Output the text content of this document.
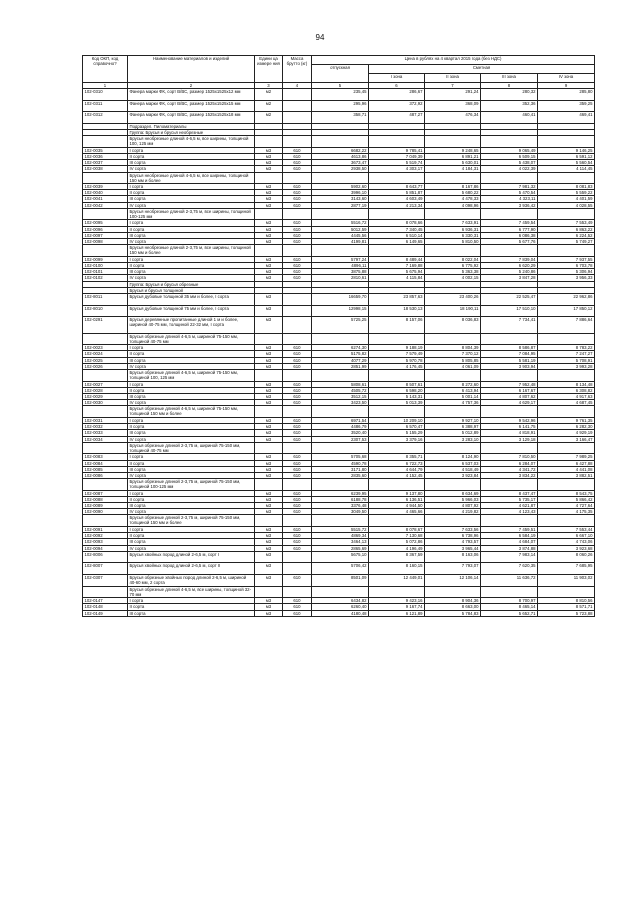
94
Код ОКП, код справочно?	Наименование материалов и изделий	Едини ца измере ния	Масса брутто (кг)	Цена в рублях на 4 квартал 2015 года (без НДС)				
				отпускная	Сметная			
					I зона	II зона	III зона	IV зона
1	2	3	4	5	6	7	8	9
102-0310	Фанера марки ФК, сорт В/ВС, размер 1525х1525х12 мм	м2		235,45	286,67	291,24	280,32	285,80
102-0311	Фанера марки ФК, сорт В/ВС, размер 1525х1525х15 мм	м2		295,96	372,92	368,09	352,36	359,25
102-0312	Фанера марки ФК, сорт В/ВС, размер 1525х1525х18 мм	м2		358,71	487,27	476,34	460,41	469,41
	Подраздел. Пиломатериалы							
	Группа: Брусья и брусья необрезные							
	Брусья необрезные длиной 4-6,5 м, все ширины, толщиной 100, 125 мм							
102-0035	I сорта	м3	610	6682,22	9 785,41	9 248,65	9 065,49	9 146,25
102-0036	II сорта	м3	610	4613,86	7 049,39	6 891,21	6 509,15	6 591,12
102-0037	III сорта	м3	610	3673,47	5 519,74	5 630,01	5 438,07	5 560,54
102-0038	IV сорта	м3	610	2938,50	4 303,17	4 184,31	4 022,39	4 114,45
	Брусья необрезные длиной 4-6,5 м, все ширины, толщиной 150 мм и более							
102-0039	I сорта	м3	610	5902,60	8 643,77	8 167,86	7 981,32	8 081,83
102-0040	II сорта	м3	610	3996,10	5 851,87	5 680,22	5 470,54	5 559,22
102-0041	III сорта	м3	610	3143,60	4 603,49	4 478,33	4 323,11	4 401,59
102-0042	IV сорта	м3	610	2877,19	4 213,34	4 098,96	3 936,42	4 028,55
	Брусья необрезные длиной 2-3,75 м, все ширины, толщиной 100-125 мм							
102-0095	I сорта	м3	610	5516,72	8 078,66	7 633,91	7 459,54	7 553,49
102-0096	II сорта	м3	610	5012,59	7 340,45	6 936,31	6 777,90	6 863,22
102-0097	III сорта	м3	610	4445,56	6 510,14	6 330,31	6 086,38	6 224,52
102-0098	IV сорта	м3	610	4199,81	6 149,65	5 810,50	5 677,76	5 749,27
	Брусья необрезные длиной 2-3,75 м, все ширины, толщиной 150 мм и более							
102-0099	I сорта	м3	610	5797,24	8 489,44	8 022,04	7 839,04	7 937,55
102-0100	II сорта	м3	610	4896,11	7 169,88	6 775,92	6 620,29	6 703,78
102-0101	III сорта	м3	610	3875,88	5 675,94	5 363,38	5 240,86	5 306,94
102-0102	IV сорта	м3	610	2810,61	4 115,84	4 002,15	3 847,28	3 956,33
	Группа: Брусья и брусья обрезные							
	Брусья и брусья толщиной							
102-8011	Брусья дубовые толщиной 35 мм и более, I сорта	м3		16659,70	23 857,63	23 400,26	22 525,47	22 962,86
102-8010	Брусья дубовые толщиной 75 мм и более, I сорта	м3		12998,15	18 530,13	18 190,11	17 510,10	17 850,12
102-0291	Брусья деревянные пропитанные длиной 1 м и более, шириной 40-75 мм, толщиной 22-32 мм, I сорта	м3		5725,25	8 157,06	8 036,83	7 734,41	7 886,64
	Брусья обрезные длиной 4-6,5 м, шириной 75-150 мм, толщиной 40-75 мм							
102-0023	I сорта	м3	610	6274,30	9 188,19	8 804,39	8 586,87	8 783,22
102-0024	II сорта	м3	610	5175,82	7 579,49	7 370,12	7 084,95	7 247,27
102-0025	III сорта	м3	610	4077,29	5 970,78	5 805,85	5 581,19	5 708,91
102-0026	IV сорта	м3	610	2851,99	4 176,45	4 061,09	3 903,94	3 993,28
	Брусья обрезные длиной 4-6,5 м, шириной 75-150 мм, толщиной 100, 125 мм							
102-0027	I сорта	м3	610	5808,61	8 507,61	8 272,60	7 952,48	8 134,48
102-0028	II сорта	м3	610	4505,72	6 598,20	6 413,94	6 167,67	6 308,82
102-0029	III сорта	м3	610	3512,15	5 143,31	5 001,14	4 807,62	4 917,63
102-0030	IV сорта	м3	610	3423,50	5 013,39	4 757,36	4 629,17	4 687,45
	Брусья обрезные длиной 4-6,5 м, шириной 75-150 мм, толщиной 150 мм и более							
102-0031	I сорта	м3	610	6971,54	10 209,10	9 927,10	9 542,96	9 761,35
102-0032	II сорта	м3	610	4486,79	6 570,47	6 388,97	6 141,75	6 282,30
102-0033	III сорта	м3	610	3520,40	5 155,29	5 012,89	4 818,91	4 929,19
102-0034	IV сорта	м3	610	2307,53	3 379,16	3 283,10	3 129,18	3 166,47
	Брусья обрезные длиной 2-3,75 м, шириной 75-150 мм, толщиной 40-75 мм							
102-0083	I сорта	м3	610	5705,68	8 355,71	8 124,90	7 810,50	7 989,25
102-0084	II сорта	м3	610	4590,78	6 722,73	6 537,03	6 284,07	6 427,88
102-0085	III сорта	м3	610	3171,80	4 644,79	4 518,49	4 341,72	4 441,08
102-0086	IV сорта	м3	610	2835,60	4 152,45	3 923,84	3 834,22	3 882,51
	Брусья обрезные длиной 2-3,75 м, шириной 75-150 мм, толщиной 100-125 мм							
102-0087	I сорта	м3	610	6239,95	9 137,80	8 634,69	8 437,47	8 543,75
102-0088	II сорта	м3	610	6188,78	6 136,51	5 966,03	5 735,17	5 866,42
102-0089	III сорта	м3	610	3376,48	4 944,50	4 807,92	4 621,87	4 727,64
102-0090	IV сорта	м3	610	3049,50	4 465,66	4 219,82	4 123,43	4 175,35
	Брусья обрезные длиной 2-3,75 м, шириной 75-150 мм, толщиной 150 мм и более							
102-0091	I сорта	м3	610	5515,72	8 078,67	7 633,56	7 459,51	7 553,44
102-0092	II сорта	м3	610	4869,34	7 130,68	6 738,96	6 584,19	6 667,10
102-0093	III сорта	м3	610	3464,13	5 072,86	4 793,57	4 684,07	4 743,06
102-0094	IV сорта	м3	610	2865,69	4 196,49	3 965,44	3 874,88	3 923,68
102-8006	Брусья хвойных пород длиной 2-6,5 м, сорт I	м3		5675,10	8 367,59	8 163,06	7 983,14	8 060,26
102-8007	Брусья хвойных пород длиной 2-6,5 м, сорт II	м3		5706,42	8 160,15	7 793,07	7 620,35	7 685,95
102-0307	Брусья обрезные хвойных пород длиной 2-6,5 м, шириной 40-60 мм, 2 сорта	м3	610	8501,09	12 449,01	12 106,14	11 636,72	11 903,02
	Брусья обрезные длиной 4-6,5 м, все ширины, толщиной 32-70 мм							
102-0147	I сорта	м3	610	6434,82	9 423,16	8 904,36	8 700,97	8 810,56
102-0148	II сорта	м3	610	6260,40	9 167,74	8 663,00	8 465,14	8 571,71
102-0149	III сорта	м3	610	4180,48	6 121,89	5 784,83	5 652,71	5 723,88
